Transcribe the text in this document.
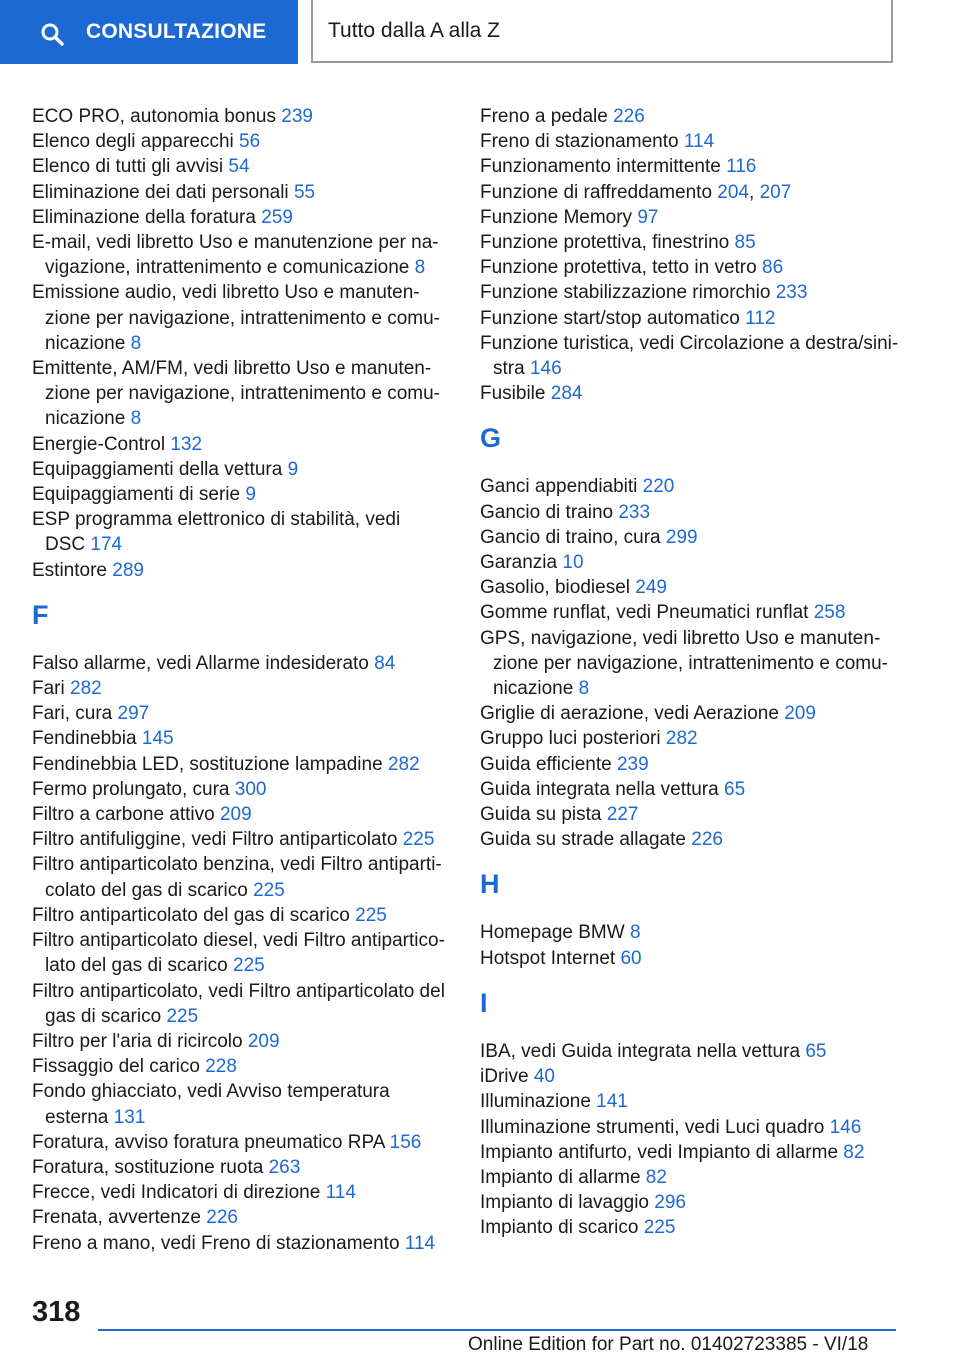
CONSULTAZIONE	Tutto dalla A alla Z
ECO PRO, autonomia bonus 239
Elenco degli apparecchi 56
Elenco di tutti gli avvisi 54
Eliminazione dei dati personali 55
Eliminazione della foratura 259
E-mail, vedi libretto Uso e manutenzione per na-
vigazione, intrattenimento e comunicazione 8
Emissione audio, vedi libretto Uso e manuten-
zione per navigazione, intrattenimento e comu-
nicazione 8
Emittente, AM/FM, vedi libretto Uso e manuten-
zione per navigazione, intrattenimento e comu-
nicazione 8
Energie-Control 132
Equipaggiamenti della vettura 9
Equipaggiamenti di serie 9
ESP programma elettronico di stabilità, vedi
DSC 174
Estintore 289
F
Falso allarme, vedi Allarme indesiderato 84
Fari 282
Fari, cura 297
Fendinebbia 145
Fendinebbia LED, sostituzione lampadine 282
Fermo prolungato, cura 300
Filtro a carbone attivo 209
Filtro antifuliggine, vedi Filtro antiparticolato 225
Filtro antiparticolato benzina, vedi Filtro antiparti-
colato del gas di scarico 225
Filtro antiparticolato del gas di scarico 225
Filtro antiparticolato diesel, vedi Filtro antipartico-
lato del gas di scarico 225
Filtro antiparticolato, vedi Filtro antiparticolato del
gas di scarico 225
Filtro per l'aria di ricircolo 209
Fissaggio del carico 228
Fondo ghiacciato, vedi Avviso temperatura
esterna 131
Foratura, avviso foratura pneumatico RPA 156
Foratura, sostituzione ruota 263
Frecce, vedi Indicatori di direzione 114
Frenata, avvertenze 226
Freno a mano, vedi Freno di stazionamento 114
Freno a pedale 226
Freno di stazionamento 114
Funzionamento intermittente 116
Funzione di raffreddamento 204, 207
Funzione Memory 97
Funzione protettiva, finestrino 85
Funzione protettiva, tetto in vetro 86
Funzione stabilizzazione rimorchio 233
Funzione start/stop automatico 112
Funzione turistica, vedi Circolazione a destra/sini-
stra 146
Fusibile 284
G
Ganci appendiabiti 220
Gancio di traino 233
Gancio di traino, cura 299
Garanzia 10
Gasolio, biodiesel 249
Gomme runflat, vedi Pneumatici runflat 258
GPS, navigazione, vedi libretto Uso e manuten-
zione per navigazione, intrattenimento e comu-
nicazione 8
Griglie di aerazione, vedi Aerazione 209
Gruppo luci posteriori 282
Guida efficiente 239
Guida integrata nella vettura 65
Guida su pista 227
Guida su strade allagate 226
H
Homepage BMW 8
Hotspot Internet 60
I
IBA, vedi Guida integrata nella vettura 65
iDrive 40
Illuminazione 141
Illuminazione strumenti, vedi Luci quadro 146
Impianto antifurto, vedi Impianto di allarme 82
Impianto di allarme 82
Impianto di lavaggio 296
Impianto di scarico 225
318
Online Edition for Part no. 01402723385 - VI/18
